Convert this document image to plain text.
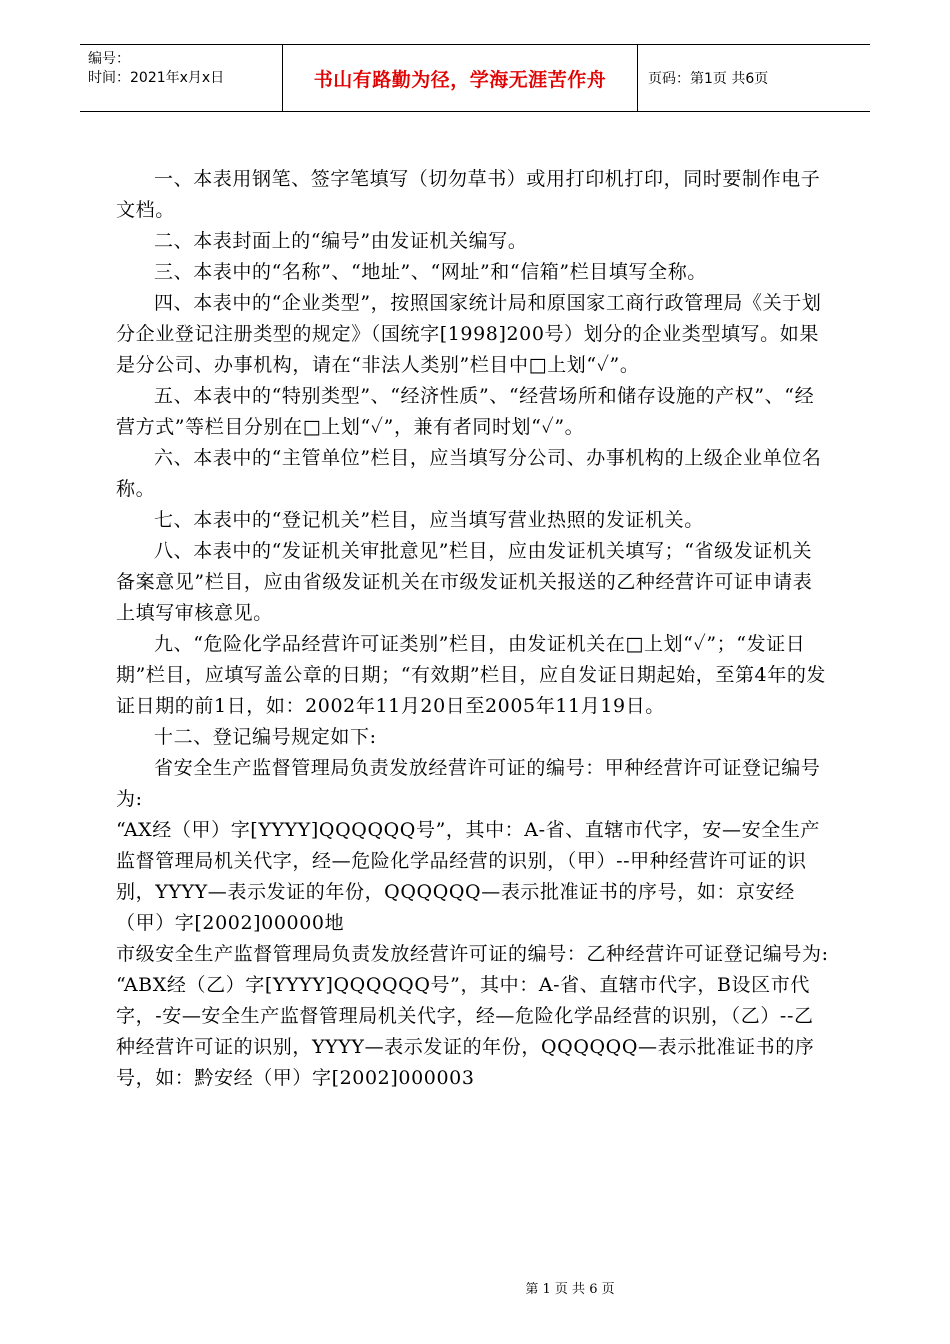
编号：
时间：2021年x月x日	书山有路勤为径，学海无涯苦作舟	页码：第1页 共6页

一、本表用钢笔、签字笔填写（切勿草书）或用打印机打印，同时要制作电子文档。

二、本表封面上的“编号”由发证机关编写。

三、本表中的“名称”、“地址”、“网址”和“信箱”栏目填写全称。

四、本表中的“企业类型”，按照国家统计局和原国家工商行政管理局《关于划分企业登记注册类型的规定》（国统字[1998]200号）划分的企业类型填写。如果是分公司、办事机构，请在“非法人类别”栏目中□上划“✓”。

五、本表中的“特别类型”、“经济性质”、“经营场所和储存设施的产权”、“经营方式”等栏目分别在□上划“✓”，兼有者同时划“✓”。

六、本表中的“主管单位”栏目，应当填写分公司、办事机构的上级企业单位名称。

七、本表中的“登记机关”栏目，应当填写营业热照的发证机关。

八、本表中的“发证机关审批意见”栏目，应由发证机关填写；“省级发证机关备案意见”栏目，应由省级发证机关在市级发证机关报送的乙种经营许可证申请表上填写审核意见。

九、“危险化学品经营许可证类别”栏目，由发证机关在□上划“✓”；“发证日期”栏目，应填写盖公章的日期；“有效期”栏目，应自发证日期起始，至第4年的发证日期的前1日，如：2002年11月20日至2005年11月19日。

十二、登记编号规定如下:

省安全生产监督管理局负责发放经营许可证的编号：甲种经营许可证登记编号为:

“AX经（甲）字[YYYY]QQQQQQ号”，其中：A-省、直辖市代字，安—安全生产监督管理局机关代字，经—危险化学品经营的识别，（甲）--甲种经营许可证的识别，YYYY—表示发证的年份，QQQQQQ—表示批准证书的序号，如：京安经（甲）字[2002]00000地

市级安全生产监督管理局负责发放经营许可证的编号：乙种经营许可证登记编号为:

“ABX经（乙）字[YYYY]QQQQQQ号”，其中：A-省、直辖市代字，B设区市代字，-安—安全生产监督管理局机关代字，经—危险化学品经营的识别，（乙）--乙种经营许可证的识别，YYYY—表示发证的年份，QQQQQQ—表示批准证书的序号，如：黔安经（甲）字[2002]000003

第 1 页 共 6 页
